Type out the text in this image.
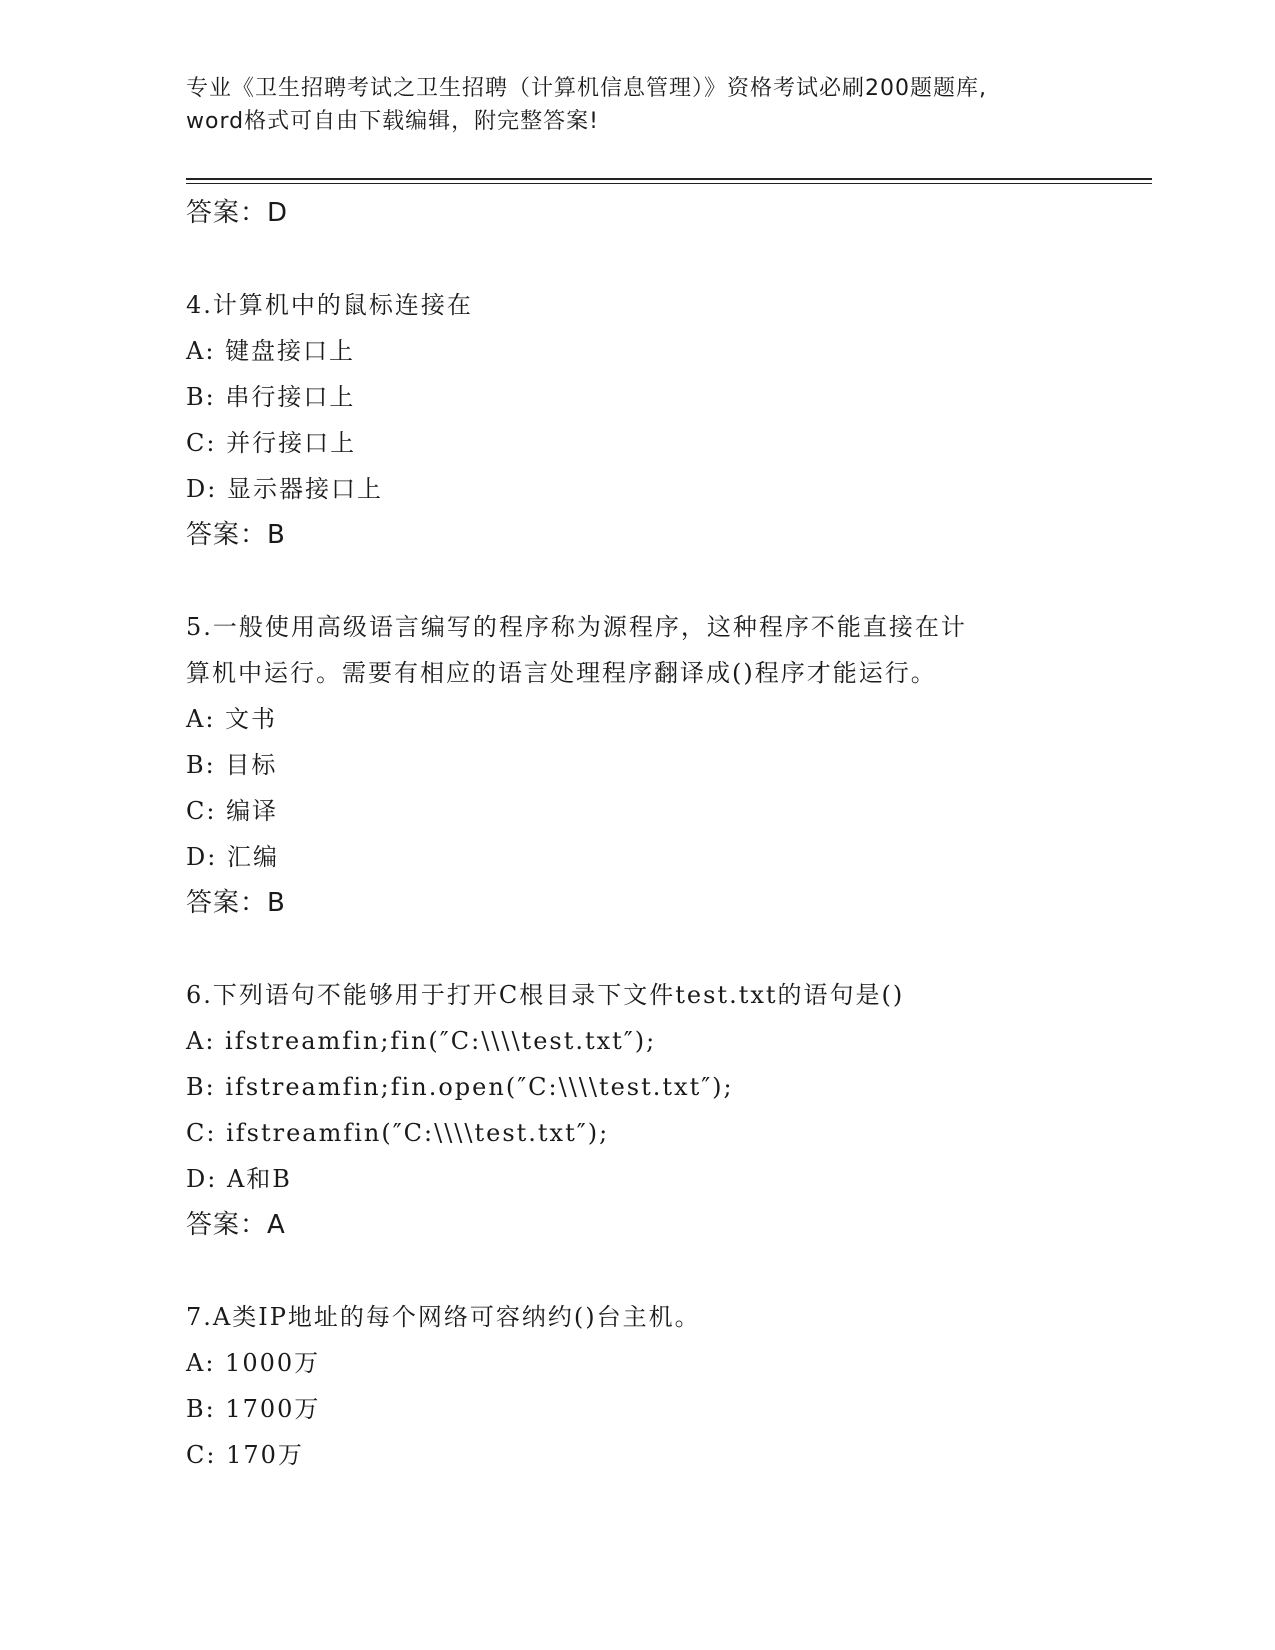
专业《卫生招聘考试之卫生招聘（计算机信息管理）》资格考试必刷200题题库,
word格式可自由下载编辑，附完整答案!
答案：D
4.计算机中的鼠标连接在
A: 键盘接口上
B: 串行接口上
C: 并行接口上
D: 显示器接口上
答案：B
5.一般使用高级语言编写的程序称为源程序，这种程序不能直接在计
算机中运行。需要有相应的语言处理程序翻译成()程序才能运行。
A: 文书
B: 目标
C: 编译
D: 汇编
答案：B
6.下列语句不能够用于打开C根目录下文件test.txt的语句是()
A: ifstreamfin;fin(″C:\\\\test.txt″);
B: ifstreamfin;fin.open(″C:\\\\test.txt″);
C: ifstreamfin(″C:\\\\test.txt″);
D: A和B
答案：A
7.A类IP地址的每个网络可容纳约()台主机。
A: 1000万
B: 1700万
C: 170万
